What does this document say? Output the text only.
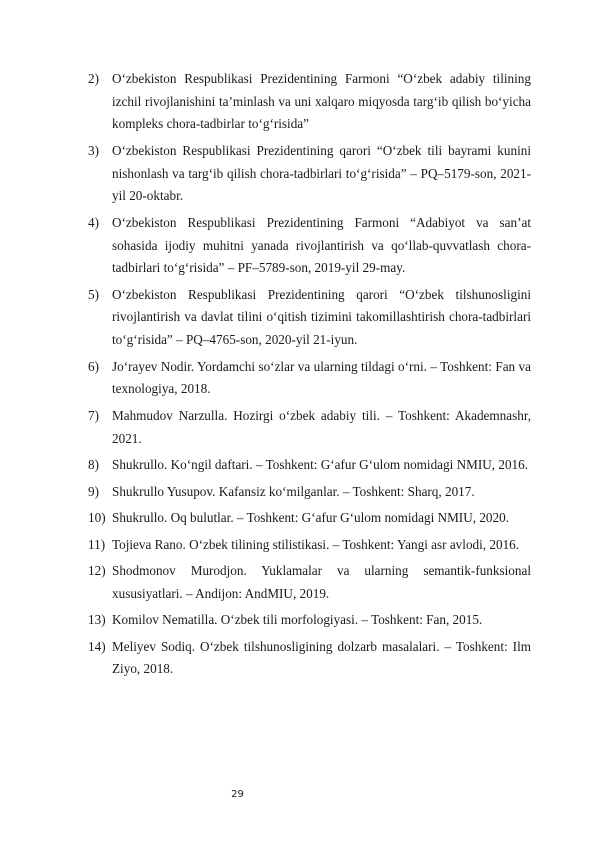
2) O‘zbekiston Respublikasi Prezidentining Farmoni “O‘zbek adabiy tilining izchil rivojlanishini ta’minlash va uni xalqaro miqyosda targ‘ib qilish bo‘yicha kompleks chora-tadbirlar to‘g‘risida”
3) O‘zbekiston Respublikasi Prezidentining qarori “O‘zbek tili bayrami kunini nishonlash va targ‘ib qilish chora-tadbirlari to‘g‘risida” – PQ–5179-son, 2021-yil 20-oktabr.
4) O‘zbekiston Respublikasi Prezidentining Farmoni “Adabiyot va san’at sohasida ijodiy muhitni yanada rivojlantirish va qo‘llab-quvvatlash chora-tadbirlari to‘g‘risida” – PF–5789-son, 2019-yil 29-may.
5) O‘zbekiston Respublikasi Prezidentining qarori “O‘zbek tilshunosligini rivojlantirish va davlat tilini o‘qitish tizimini takomillashtirish chora-tadbirlari to‘g‘risida” – PQ–4765-son, 2020-yil 21-iyun.
6) Jo‘rayev Nodir. Yordamchi so‘zlar va ularning tildagi o‘rni. – Toshkent: Fan va texnologiya, 2018.
7) Mahmudov Narzulla. Hozirgi o‘zbek adabiy tili. – Toshkent: Akademnashr, 2021.
8) Shukrullo. Ko‘ngil daftari. – Toshkent: G‘afur G‘ulom nomidagi NMIU, 2016.
9) Shukrullo Yusupov. Kafansiz ko‘milganlar. – Toshkent: Sharq, 2017.
10) Shukrullo. Oq bulutlar. – Toshkent: G‘afur G‘ulom nomidagi NMIU, 2020.
11) Tojieva Rano. O‘zbek tilining stilistikasi. – Toshkent: Yangi asr avlodi, 2016.
12) Shodmonov Murodjon. Yuklamalar va ularning semantik-funksional xususiyatlari. – Andijon: AndMIU, 2019.
13) Komilov Nematilla. O‘zbek tili morfologiyasi. – Toshkent: Fan, 2015.
14) Meliyev Sodiq. O‘zbek tilshunosligining dolzarb masalalari. – Toshkent: Ilm Ziyo, 2018.
29
